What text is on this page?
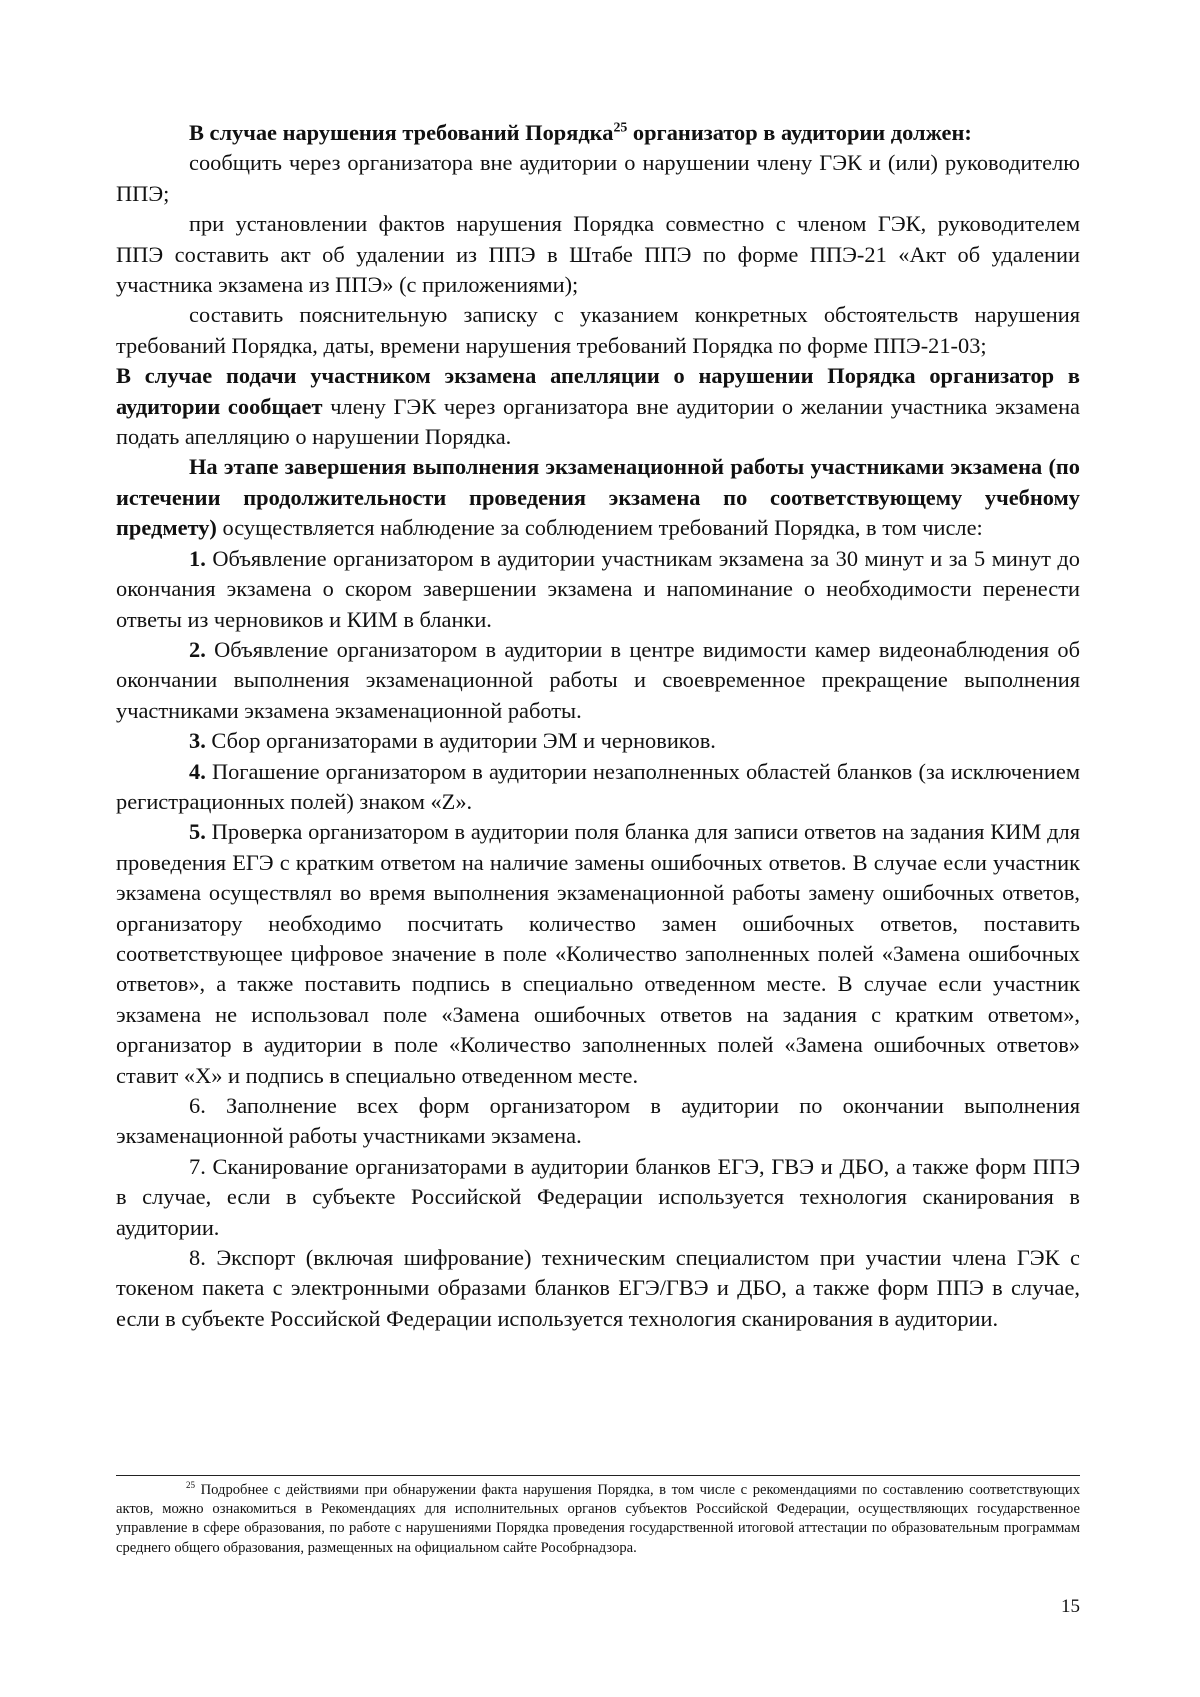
В случае нарушения требований Порядка$^{25}$ организатор в аудитории должен:

сообщить через организатора вне аудитории о нарушении члену ГЭК и (или) руководителю ППЭ;

при установлении фактов нарушения Порядка совместно с членом ГЭК, руководителем ППЭ составить акт об удалении из ППЭ в Штабе ППЭ по форме ППЭ-21 «Акт об удалении участника экзамена из ППЭ» (с приложениями);

составить пояснительную записку с указанием конкретных обстоятельств нарушения требований Порядка, даты, времени нарушения требований Порядка по форме ППЭ-21-03;

В случае подачи участником экзамена апелляции о нарушении Порядка организатор в аудитории сообщает члену ГЭК через организатора вне аудитории о желании участника экзамена подать апелляцию о нарушении Порядка.

На этапе завершения выполнения экзаменационной работы участниками экзамена (по истечении продолжительности проведения экзамена по соответствующему учебному предмету) осуществляется наблюдение за соблюдением требований Порядка, в том числе:

1. Объявление организатором в аудитории участникам экзамена за 30 минут и за 5 минут до окончания экзамена о скором завершении экзамена и напоминание о необходимости перенести ответы из черновиков и КИМ в бланки.

2. Объявление организатором в аудитории в центре видимости камер видеонаблюдения об окончании выполнения экзаменационной работы и своевременное прекращение выполнения участниками экзамена экзаменационной работы.

3. Сбор организаторами в аудитории ЭМ и черновиков.

4. Погашение организатором в аудитории незаполненных областей бланков (за исключением регистрационных полей) знаком «Z».

5. Проверка организатором в аудитории поля бланка для записи ответов на задания КИМ для проведения ЕГЭ с кратким ответом на наличие замены ошибочных ответов. В случае если участник экзамена осуществлял во время выполнения экзаменационной работы замену ошибочных ответов, организатору необходимо посчитать количество замен ошибочных ответов, поставить соответствующее цифровое значение в поле «Количество заполненных полей «Замена ошибочных ответов», а также поставить подпись в специально отведенном месте. В случае если участник экзамена не использовал поле «Замена ошибочных ответов на задания с кратким ответом», организатор в аудитории в поле «Количество заполненных полей «Замена ошибочных ответов» ставит «X» и подпись в специально отведенном месте.

6. Заполнение всех форм организатором в аудитории по окончании выполнения экзаменационной работы участниками экзамена.

7. Сканирование организаторами в аудитории бланков ЕГЭ, ГВЭ и ДБО, а также форм ППЭ в случае, если в субъекте Российской Федерации используется технология сканирования в аудитории.

8. Экспорт (включая шифрование) техническим специалистом при участии члена ГЭК с токеном пакета с электронными образами бланков ЕГЭ/ГВЭ и ДБО, а также форм ППЭ в случае, если в субъекте Российской Федерации используется технология сканирования в аудитории.

$^{25}$ Подробнее с действиями при обнаружении факта нарушения Порядка, в том числе с рекомендациями по составлению соответствующих актов, можно ознакомиться в Рекомендациях для исполнительных органов субъектов Российской Федерации, осуществляющих государственное управление в сфере образования, по работе с нарушениями Порядка проведения государственной итоговой аттестации по образовательным программам среднего общего образования, размещенных на официальном сайте Рособрнадзора.

15
